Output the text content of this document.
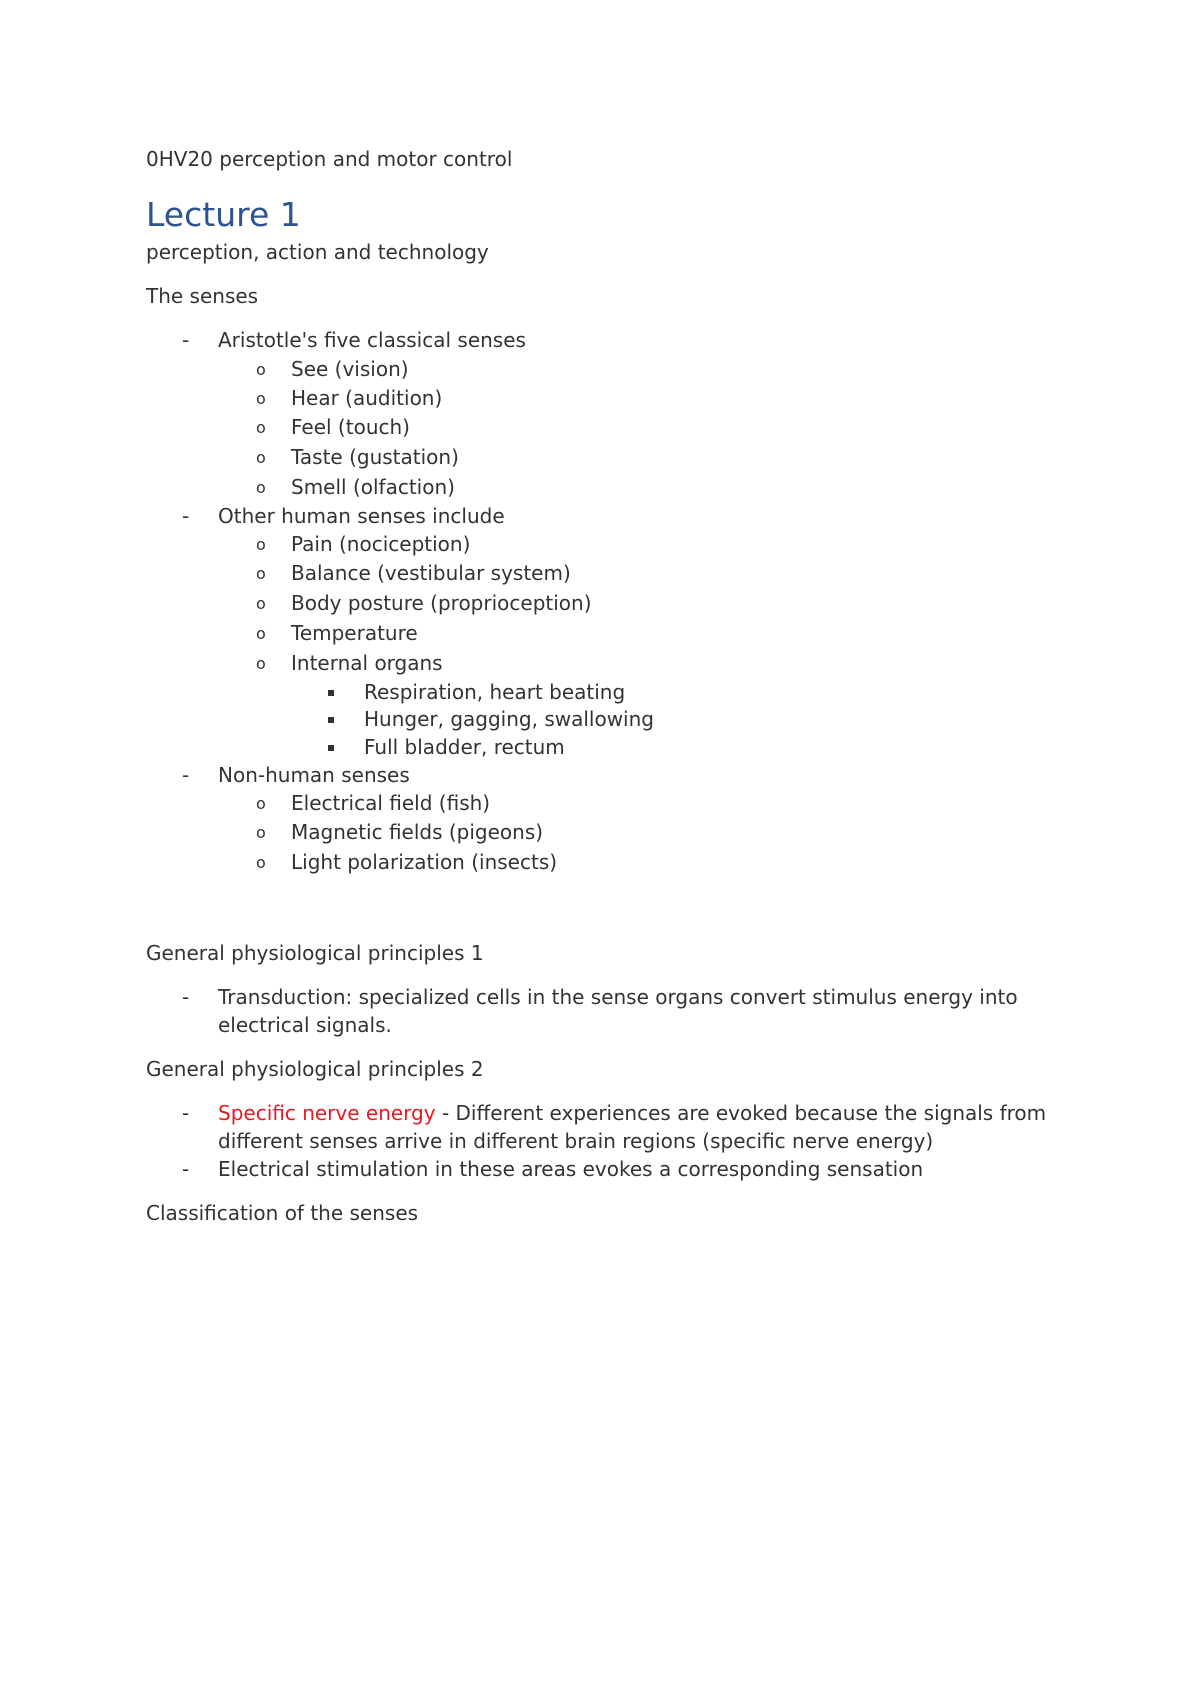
0HV20 perception and motor control
Lecture 1
perception, action and technology
The senses
- Aristotle's five classical senses
o See (vision)
o Hear (audition)
o Feel (touch)
o Taste (gustation)
o Smell (olfaction)
- Other human senses include
o Pain (nociception)
o Balance (vestibular system)
o Body posture (proprioception)
o Temperature
o Internal organs
Respiration, heart beating
Hunger, gagging, swallowing
Full bladder, rectum
- Non-human senses
o Electrical field (fish)
o Magnetic fields (pigeons)
o Light polarization (insects)
General physiological principles 1
- Transduction: specialized cells in the sense organs convert stimulus energy into
electrical signals.
General physiological principles 2
- Specific nerve energy - Different experiences are evoked because the signals from
different senses arrive in different brain regions (specific nerve energy)
- Electrical stimulation in these areas evokes a corresponding sensation
Classification of the senses
